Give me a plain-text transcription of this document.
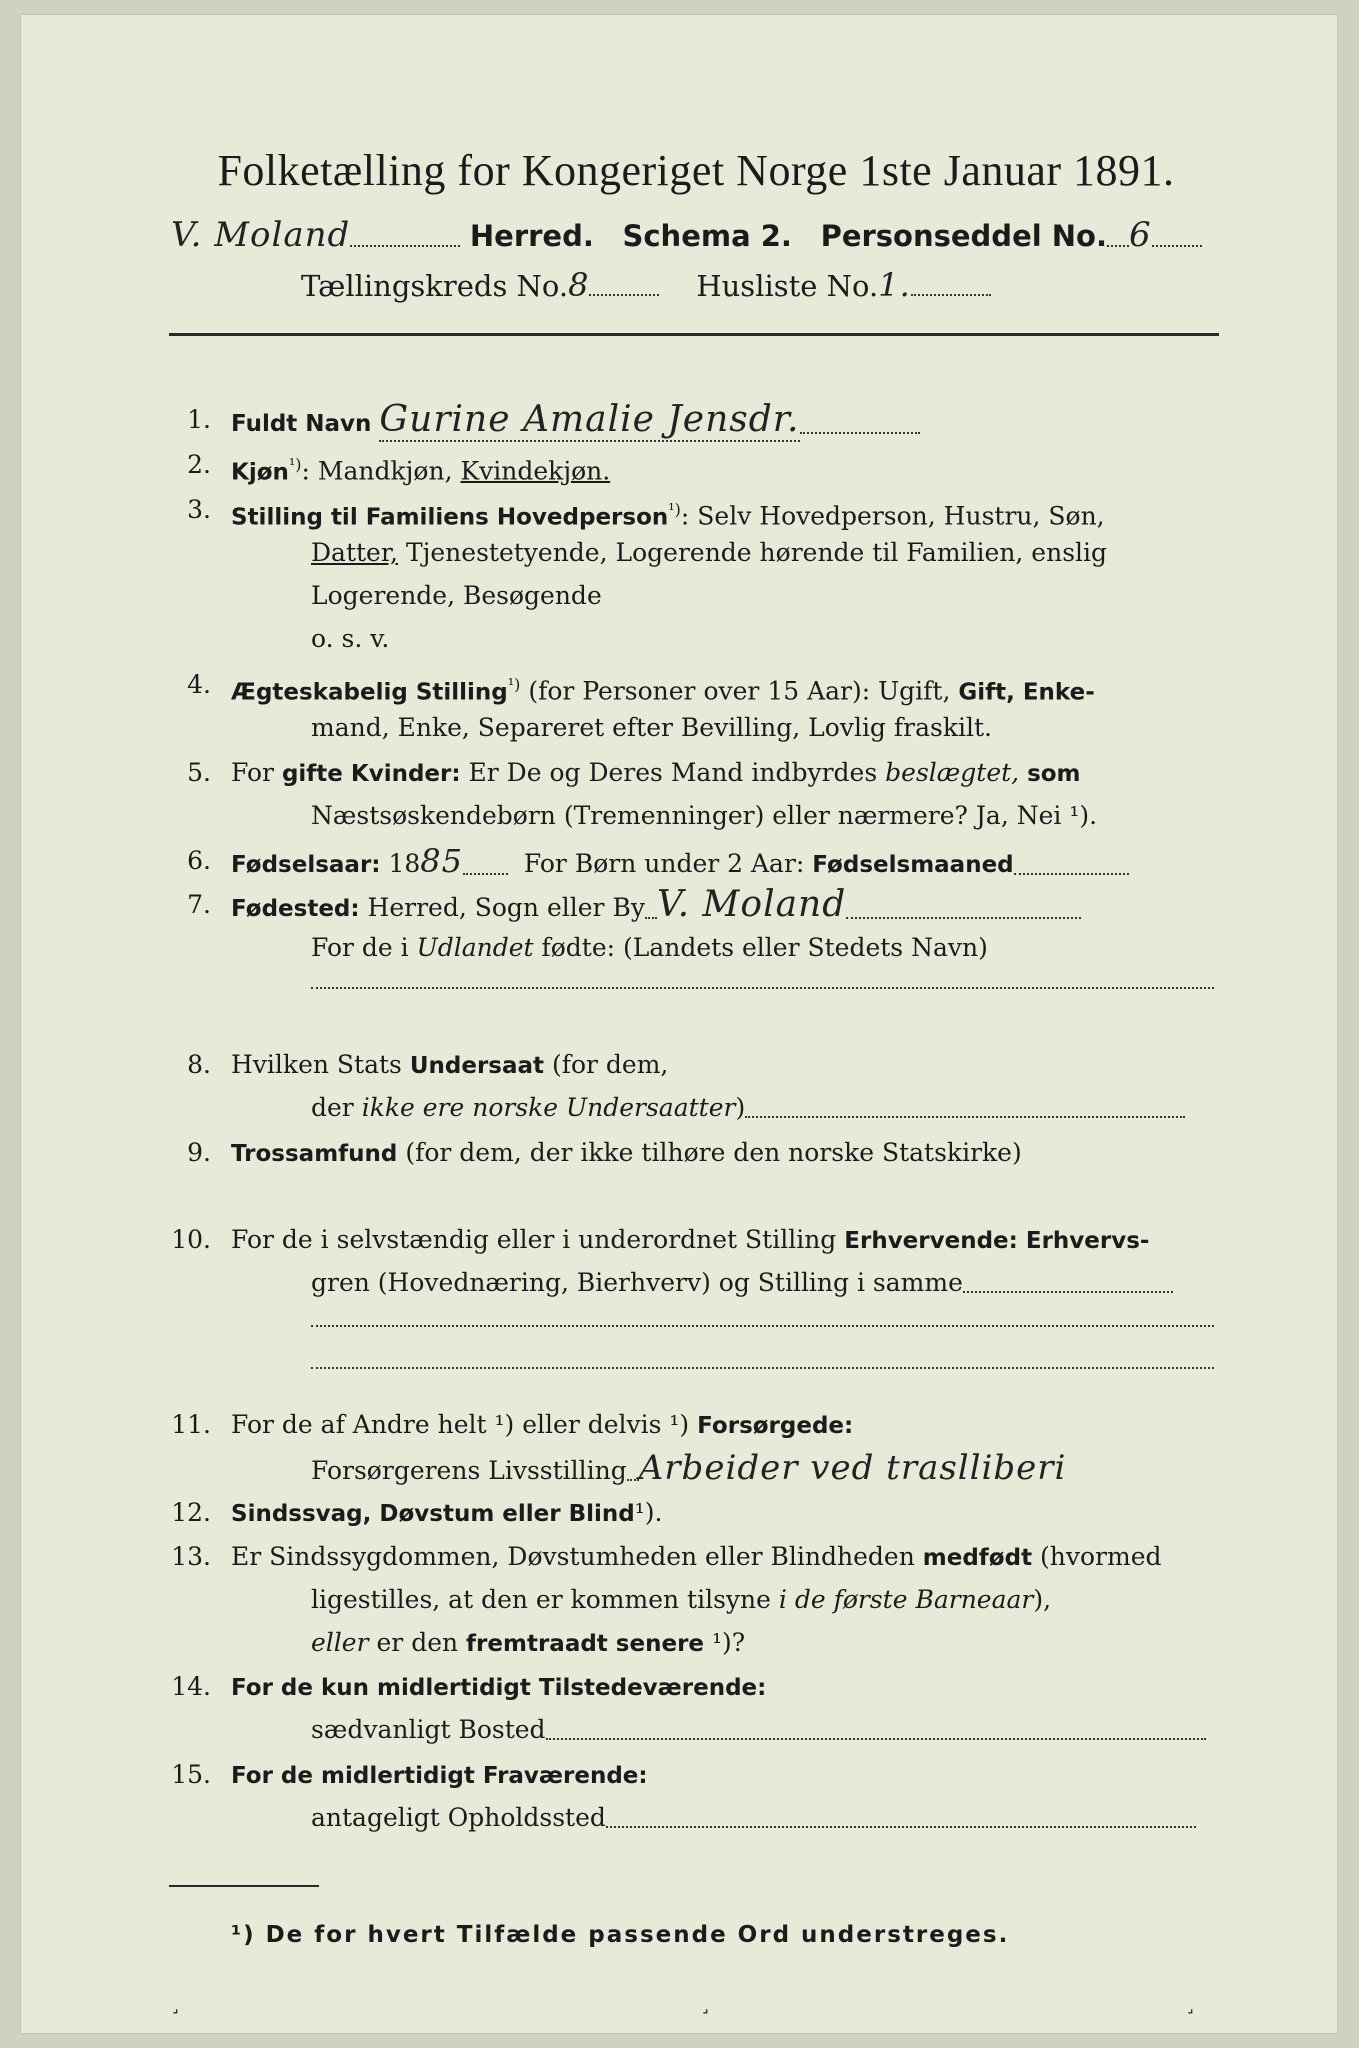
Folketælling for Kongeriget Norge 1ste Januar 1891.
V. Moland	Herred. Schema 2. Personseddel No. 6
Tællingskreds No.8	Husliste No.1.
1. Fuldt Navn Gurine Amalie Jensdr.
2. Kjøn$^{^1)}$: Mandkjøn, Kvindekjøn.
3. Stilling til Familiens Hovedperson$^{^1)}$: Selv Hovedperson, Hustru, Søn,
Datter, Tjenestetyende, Logerende hørende til Familien, enslig
Logerende, Besøgende
o. s. v.
4. Ægteskabelig Stilling$^{^1)}$ (for Personer over 15 Aar): Ugift, Gift, Enke-
mand, Enke, Separeret efter Bevilling, Lovlig fraskilt.
5. For gifte Kvinder: Er De og Deres Mand indbyrdes beslægtet, som
Næstsøskendebørn (Tremenninger) eller nærmere? Ja, Nei ¹).
6. Fødselsaar: 1885 For Børn under 2 Aar: Fødselsmaaned
7. Fødested: Herred, Sogn eller By V. Moland
For de i Udlandet fødte: (Landets eller Stedets Navn)
8. Hvilken Stats Undersaat (for dem,
der ikke ere norske Undersaatter)
9. Trossamfund (for dem, der ikke tilhøre den norske Statskirke)
10. For de i selvstændig eller i underordnet Stilling Erhvervende: Erhvervs-
gren (Hovednæring, Bierhverv) og Stilling i samme
11. For de af Andre helt ¹) eller delvis ¹) Forsørgede:
Forsørgerens Livsstilling Arbeider ved traslliberi
12. Sindssvag, Døvstum eller Blind¹).
13. Er Sindssygdommen, Døvstumheden eller Blindheden medfødt (hvormed
ligestilles, at den er kommen tilsyne i de første Barneaar),
eller er den fremtraadt senere ¹)?
14. For de kun midlertidigt Tilstedeværende:
sædvanligt Bosted
15. For de midlertidigt Fraværende:
antageligt Opholdssted
¹) De for hvert Tilfælde passende Ord understreges.
˼	˼	˼
